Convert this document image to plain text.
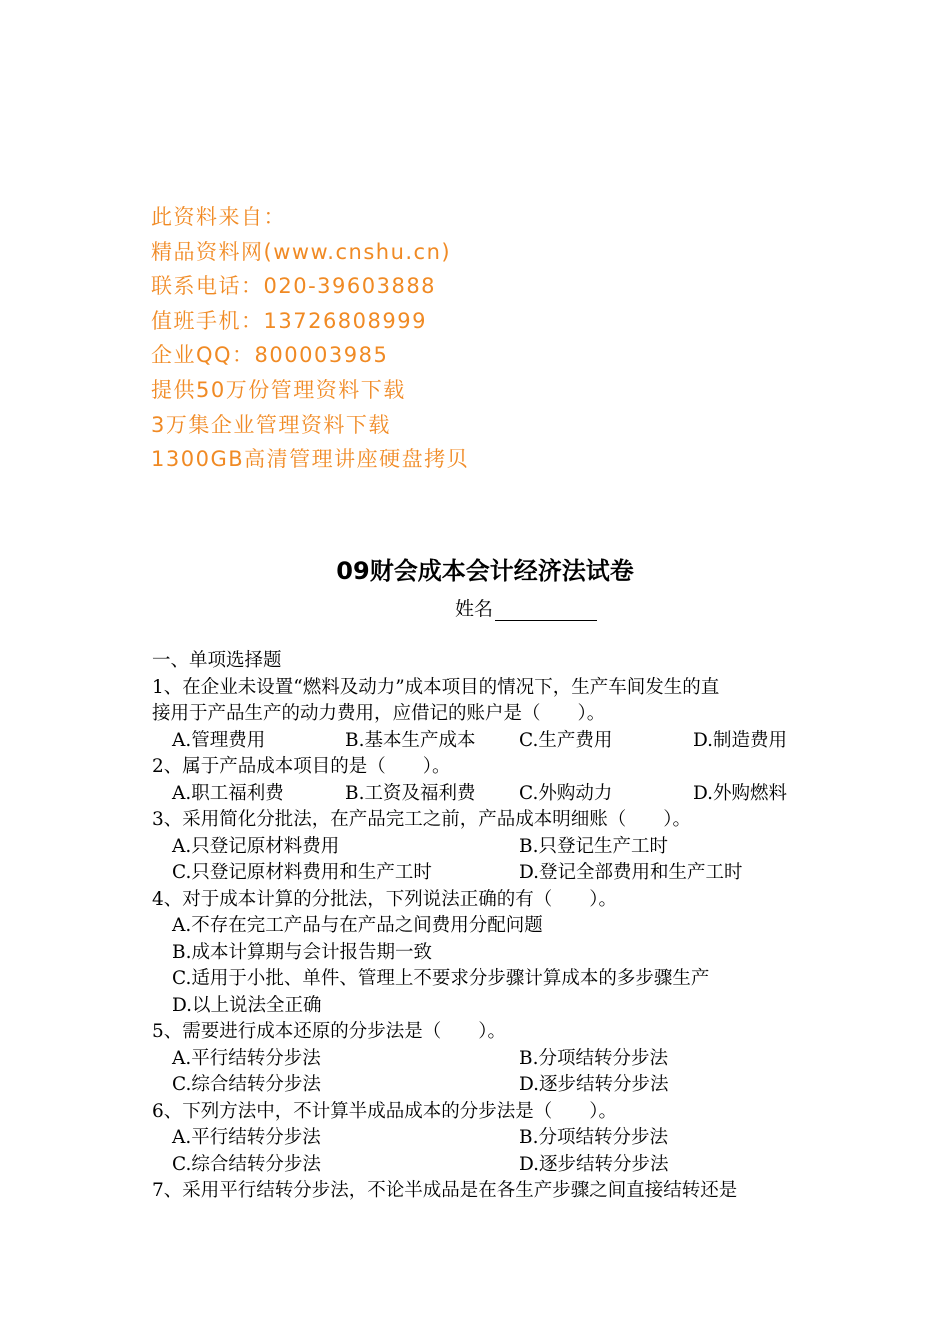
此资料来自：
精品资料网(www.cnshu.cn)
联系电话：020-39603888
值班手机：13726808999
企业QQ：800003985
提供50万份管理资料下载
3万集企业管理资料下载
1300GB高清管理讲座硬盘拷贝
09财会成本会计经济法试卷
姓名
一、单项选择题
1、在企业未设置“燃料及动力”成本项目的情况下，生产车间发生的直
接用于产品生产的动力费用，应借记的账户是（　　）。
A.管理费用	B.基本生产成本 C.生产费用	D.制造费用
2、属于产品成本项目的是（　　）。
A.职工福利费	B.工资及福利费 C.外购动力	D.外购燃料
3、采用简化分批法，在产品完工之前，产品成本明细账（　　）。
A.只登记原材料费用	B.只登记生产工时
C.只登记原材料费用和生产工时	D.登记全部费用和生产工时
4、对于成本计算的分批法，下列说法正确的有（　　）。
A.不存在完工产品与在产品之间费用分配问题
B.成本计算期与会计报告期一致
C.适用于小批、单件、管理上不要求分步骤计算成本的多步骤生产
D.以上说法全正确
5、需要进行成本还原的分步法是（　　）。
A.平行结转分步法	B.分项结转分步法
C.综合结转分步法	D.逐步结转分步法
6、下列方法中，不计算半成品成本的分步法是（　　）。
A.平行结转分步法	B.分项结转分步法
C.综合结转分步法	D.逐步结转分步法
7、采用平行结转分步法，不论半成品是在各生产步骤之间直接结转还是
